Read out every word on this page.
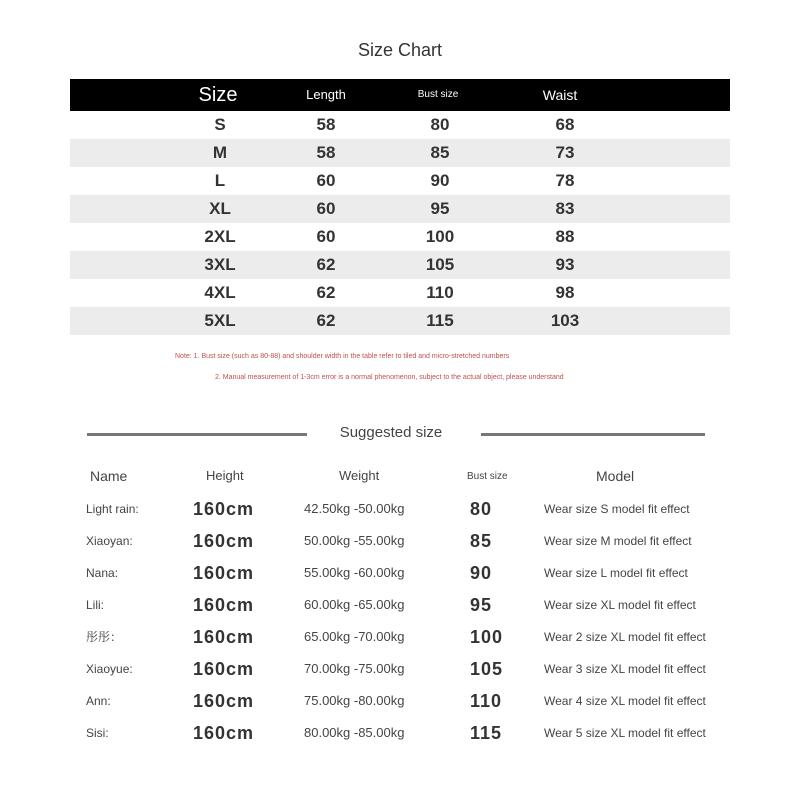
Size Chart
Size	Length	Bust size	Waist
S	58	80	68
M	58	85	73
L	60	90	78
XL	60	95	83
2XL	60	100	88
3XL	62	105	93
4XL	62	110	98
5XL	62	115	103
Note: 1. Bust size (such as 80-88) and shoulder width in the table refer to tiled and micro-stretched numbers
2. Manual measurement of 1-3cm error is a normal phenomenon, subject to the actual object, please understand
Suggested size
Name	Height	Weight	Bust size	Model
Light rain:	160cm	42.50kg -50.00kg	80	Wear size S model fit effect
Xiaoyan:	160cm	50.00kg -55.00kg	85	Wear size M model fit effect
Nana:	160cm	55.00kg -60.00kg	90	Wear size L model fit effect
Lili:	160cm	60.00kg -65.00kg	95	Wear size XL model fit effect
彤彤：	160cm	65.00kg -70.00kg	100	Wear 2 size XL model fit effect
Xiaoyue:	160cm	70.00kg -75.00kg	105	Wear 3 size XL model fit effect
Ann:	160cm	75.00kg -80.00kg	110	Wear 4 size XL model fit effect
Sisi:	160cm	80.00kg -85.00kg	115	Wear 5 size XL model fit effect
